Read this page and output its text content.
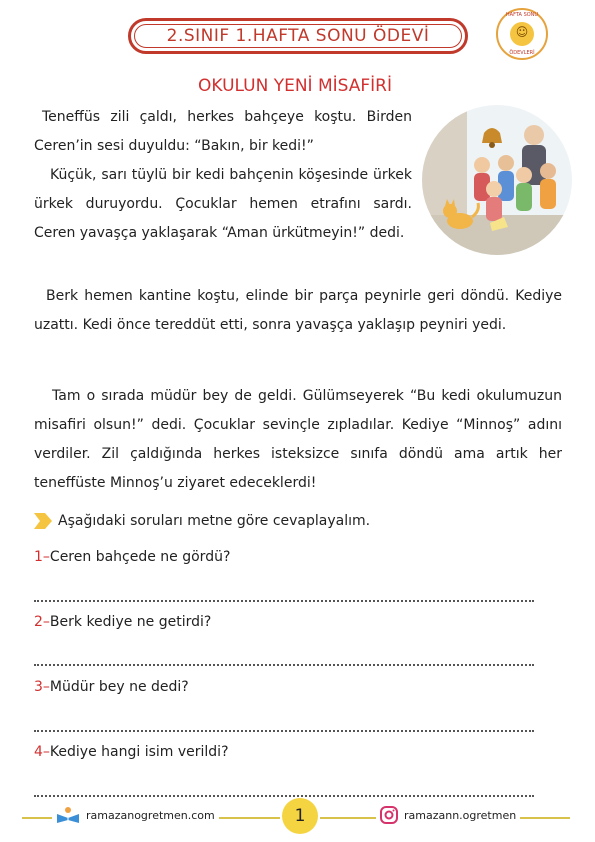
2.SINIF 1.HAFTA SONU ÖDEVİ
HAFTA SONU
☺
ÖDEVLERİ
OKULUN YENİ MİSAFİRİ

Teneffüs zili çaldı, herkes bahçeye koştu. Birden Ceren’in sesi duyuldu: “Bakın, bir kedi!”

Küçük, sarı tüylü bir kedi bahçenin köşesinde ürkek ürkek duruyordu. Çocuklar hemen etrafını sardı. Ceren yavaşça yaklaşarak “Aman ürkütmeyin!” dedi.

Berk hemen kantine koştu, elinde bir parça peynirle geri döndü. Kediye uzattı. Kedi önce tereddüt etti, sonra yavaşça yaklaşıp peyniri yedi.

Tam o sırada müdür bey de geldi. Gülümseyerek “Bu kedi okulumuzun misafiri olsun!” dedi. Çocuklar sevinçle zıpladılar. Kediye “Minnoş” adını verdiler. Zil çaldığında herkes isteksizce sınıfa döndü ama artık her teneffüste Minnoş’u ziyaret edeceklerdi!

Aşağıdaki soruları metne göre cevaplayalım.
1–Ceren bahçede ne gördü?
2–Berk kediye ne getirdi?
3–Müdür bey ne dedi?
4–Kediye hangi isim verildi?
ramazanogretmen.com	1	ramazann.ogretmen
